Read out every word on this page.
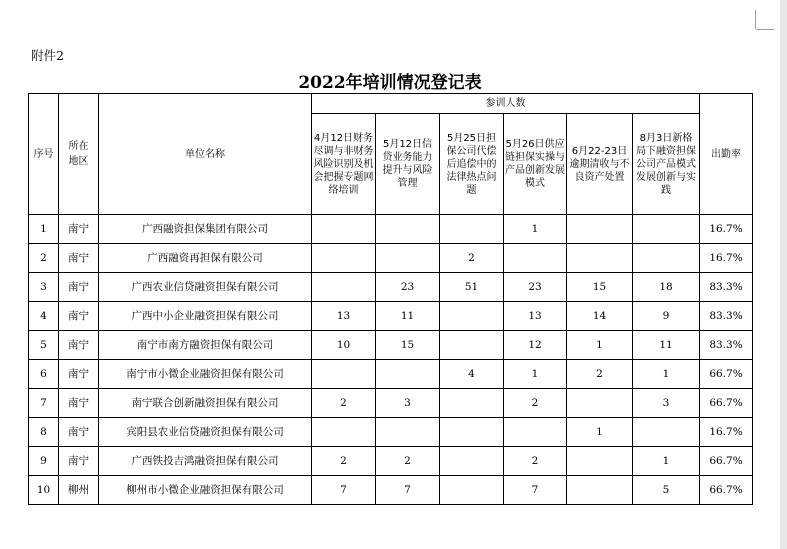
附件2
2022年培训情况登记表
序号	所在地区	单位名称	参训人数						出勤率

			4月12日财务尽调与非财务风险识别及机会把握专题网络培训	5月12日信贷业务能力提升与风险管理	5月25日担保公司代偿后追偿中的法律热点问题	5月26日供应链担保实操与产品创新发展模式	6月22-23日逾期清收与不良资产处置	8月3日新格局下融资担保公司产品模式发展创新与实践	

1	南宁	广西融资担保集团有限公司				1			16.7%
2	南宁	广西融资再担保有限公司			2				16.7%
3	南宁	广西农业信贷融资担保有限公司		23	51	23	15	18	83.3%
4	南宁	广西中小企业融资担保有限公司	13	11		13	14	9	83.3%
5	南宁	南宁市南方融资担保有限公司	10	15		12	1	11	83.3%
6	南宁	南宁市小微企业融资担保有限公司			4	1	2	1	66.7%
7	南宁	南宁联合创新融资担保有限公司	2	3		2		3	66.7%
8	南宁	宾阳县农业信贷融资担保有限公司					1		16.7%
9	南宁	广西铁投吉鸿融资担保有限公司	2	2		2		1	66.7%
10	柳州	柳州市小微企业融资担保有限公司	7	7		7		5	66.7%
